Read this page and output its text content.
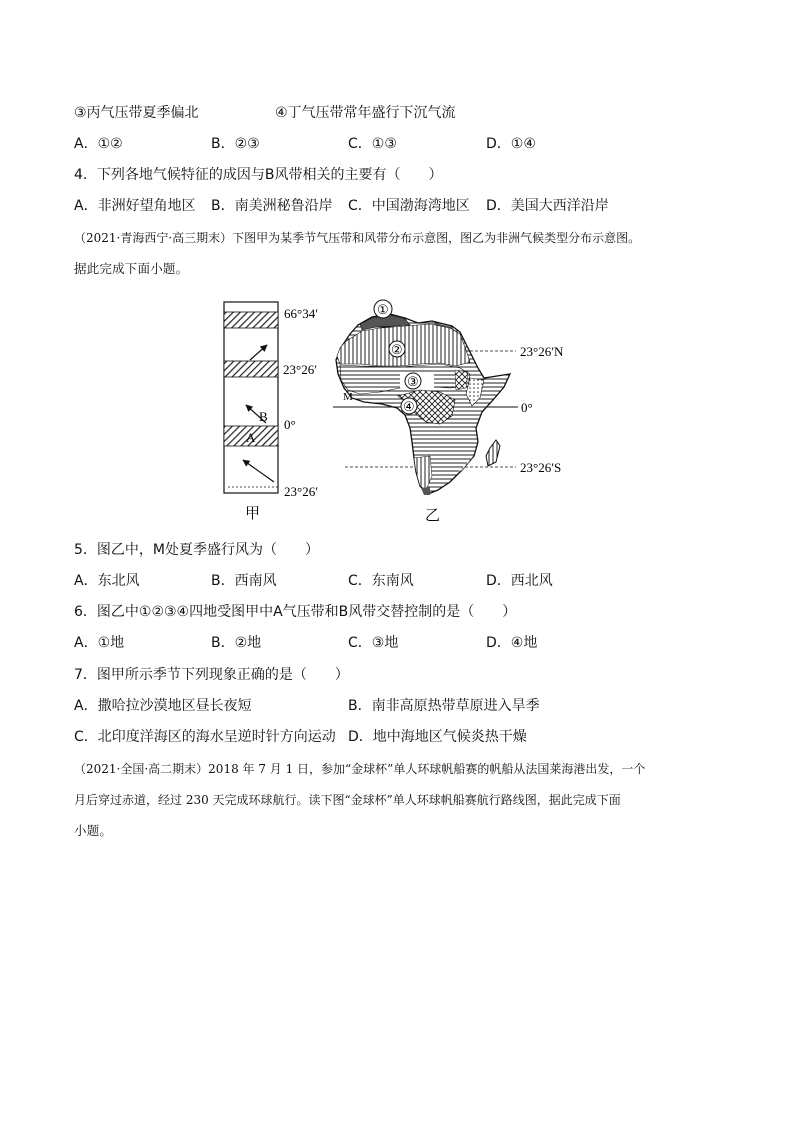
③丙气压带夏季偏北	④丁气压带常年盛行下沉气流
A．①②	B．②③	C．①③	D．①④
4．下列各地气候特征的成因与B风带相关的主要有（　　）
A．非洲好望角地区 B．南美洲秘鲁沿岸 C．中国渤海湾地区 D．美国大西洋沿岸
（2021·青海西宁·高三期末）下图甲为某季节气压带和风带分布示意图，图乙为非洲气候类型分布示意图。
据此完成下面小题。
B
A
66°34′
23°26′
0°
23°26′
甲
①
②
③
④
M
23°26′N
0°
23°26′S
乙
5．图乙中，M处夏季盛行风为（　　）
A．东北风	B．西南风	C．东南风	D．西北风
6．图乙中①②③④四地受图甲中A气压带和B风带交替控制的是（　　）
A．①地	B．②地	C．③地	D．④地
7．图甲所示季节下列现象正确的是（　　）
A．撒哈拉沙漠地区昼长夜短	B．南非高原热带草原进入旱季
C．北印度洋海区的海水呈逆时针方向运动 D．地中海地区气候炎热干燥
（2021·全国·高二期末）2018 年 7 月 1 日，参加“金球杯”单人环球帆船赛的帆船从法国莱海港出发，一个
月后穿过赤道，经过 230 天完成环球航行。读下图“金球杯”单人环球帆船赛航行路线图，据此完成下面
小题。
